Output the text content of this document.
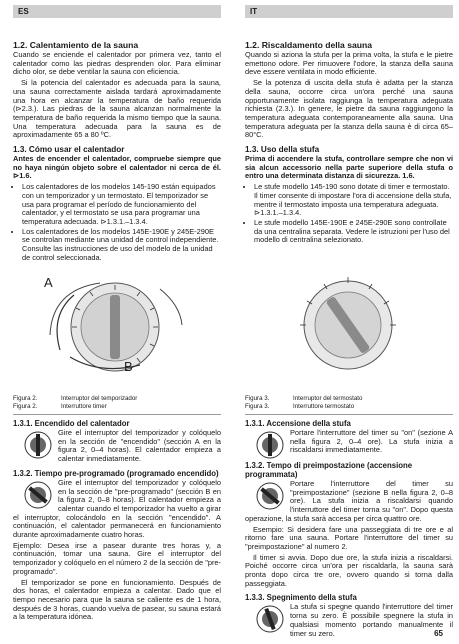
ES	IT
1.2. Calentamiento de la sauna

Cuando se enciende el calentador por primera vez, tanto el calentador como las piedras desprenden olor. Para eliminar dicho olor, se debe ventilar la sauna con eficiencia.

Si la potencia del calentador es adecuada para la sauna, una sauna correctamente aislada tardará aproximadamente una hora en alcanzar la temperatura de baño requerida (⊳2.3.). Las piedras de la sauna alcanzan normalmente la temperatura de baño requerida la mismo tiempo que la sauna. Una temperatura adecuada para la sauna es de aproximadamente 65 a 80 ºC.

1.3. Cómo usar el calentador

Antes de encender el calentador, compruebe siempre que no haya ningún objeto sobre el calentador ni cerca de él. ⊳1.6.

• Los calentadores de los modelos 145-190 están equipados con un temporizador y un termostato. El temporizador se usa para programar el período de funcionamiento del calentador, y el termostato se usa para programar una temperatura adecuada. ⊳1.3.1.–1.3.4.
• Los calentadores de los modelos 145E-190E y 245E-290E se controlan mediante una unidad de control independiente. Consulte las instrucciones de uso del modelo de la unidad de control seleccionada.
A
B
Figura 2.	Interruptor del temporizador
Figura 2.	Interruttore timer
1.3.1. Encendido del calentador

Gire el interruptor del temporizador y colóquelo en la sección de "encendido" (sección A en la figura 2, 0–4 horas). El calentador empieza a calentar inmediatamente.

1.3.2. Tiempo pre-programado (programado encendido)

Gire el interruptor del temporizador y colóquelo en la sección de "pre-programado" (sección B en la figura 2, 0–8 horas). El calentador empieza a calentar cuando el temporizador ha vuelto a girar el interruptor, colocándolo en la sección "encendido". A continuación, el calentador permanecerá en funcionamiento durante aproximadamente cuatro horas.

Ejemplo: Desea irse a pasear durante tres horas y, a continuación, tomar una sauna. Gire el interruptor del temporizador y colóquelo en el número 2 de la sección de "pre-programado".

El temporizador se pone en funcionamiento. Después de dos horas, el calentador empieza a calentar. Dado que el tiempo necesario para que la sauna se caliente es de 1 hora, después de 3 horas, cuando vuelva de pasear, su sauna estará a la temperatura idónea.

1.2. Riscaldamento della sauna

Quando si aziona la stufa per la prima volta, la stufa e le pietre emettono odore. Per rimuovere l'odore, la stanza della sauna deve essere ventilata in modo efficiente.

Se la potenza di uscita della stufa è adatta per la stanza della sauna, occorre circa un'ora perché una sauna opportunamente isolata raggiunga la temperatura adeguata richiesta (2.3.). In genere, le pietre da sauna raggiungono la temperatura adeguata contemporaneamente alla sauna. Una temperatura adeguata per la stanza della sauna è di circa 65–80°C.

1.3. Uso della stufa

Prima di accendere la stufa, controllare sempre che non vi sia alcun accessorio nella parte superiore della stufa o entro una determinata distanza di sicurezza. 1.6.

• Le stufe modello 145-190 sono dotate di timer e termostato. Il timer consente di impostare l'ora di accensione della stufa, mentre il termostato imposta una temperatura adeguata. ⊳1.3.1.–1.3.4.
• Le stufe modello 145E-190E e 245E-290E sono controllate da una centralina separata. Vedere le istruzioni per l'uso del modello di centralina selezionato.
Figura 3.	Interruptor del termostato
Figura 3.	Interruttore termostato
1.3.1. Accensione della stufa

Portare l'interruttore del timer su "on" (sezione A nella figura 2, 0–4 ore). La stufa inizia a riscaldarsi immediatamente.

1.3.2. Tempo di preimpostazione (accensione programmata)

Portare l'interruttore del timer su "preimpostazione" (sezione B nella figura 2, 0–8 ore). La stufa inizia a riscaldarsi quando l'interruttore del timer torna su "on". Dopo questa operazione, la stufa sarà accesa per circa quattro ore.

Esempio: Si desidera fare una passeggiata di tre ore e al ritorno fare una sauna. Portare l'interruttore del timer su "preimpostazione" al numero 2.

Il timer si avvia. Dopo due ore, la stufa inizia a riscaldarsi. Poiché occorre circa un'ora per riscaldarla, la sauna sarà pronta dopo circa tre ore, ovvero quando si torna dalla passeggiata.

1.3.3. Spegnimento della stufa

La stufa si spegne quando l'interruttore del timer torna su zero. È possibile spegnere la stufa in qualsiasi momento portando manualmente il timer su zero.	65
